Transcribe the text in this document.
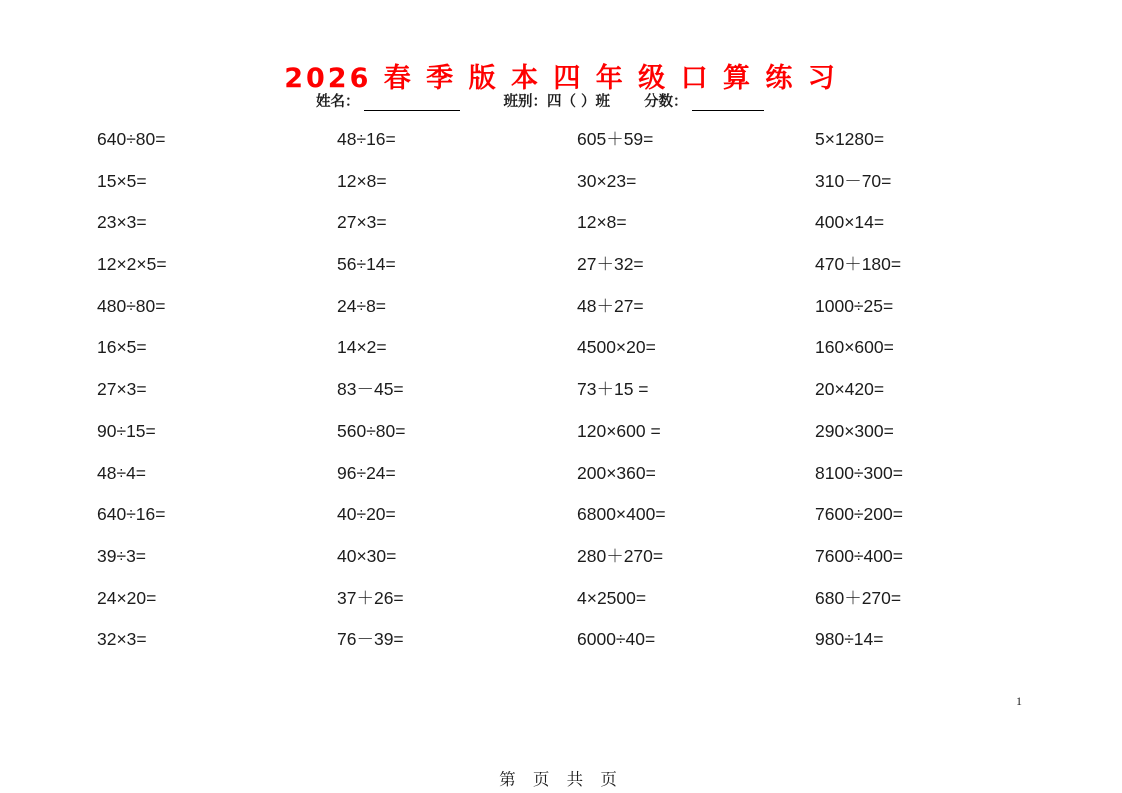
2026 春 季 版 本 四 年 级 口 算 练 习
姓名：	班别：四（ ）班 分数：
640÷80=	48÷16=	605＋59=	5×1280=
15×5=	12×8=	30×23=	310－70=
23×3=	27×3=	12×8=	400×14=
12×2×5=	56÷14=	27＋32=	470＋180=
480÷80=	24÷8=	48＋27=	1000÷25=
16×5=	14×2=	4500×20=	160×600=
27×3=	83－45=	73＋15 =	20×420=
90÷15=	560÷80=	120×600 =	290×300=
48÷4=	96÷24=	200×360=	8100÷300=
640÷16=	40÷20=	6800×400=	7600÷200=
39÷3=	40×30=	280＋270=	7600÷400=
24×20=	37＋26=	4×2500=	680＋270=
32×3=	76－39=	6000÷40=	980÷14=
1
第 页 共 页
